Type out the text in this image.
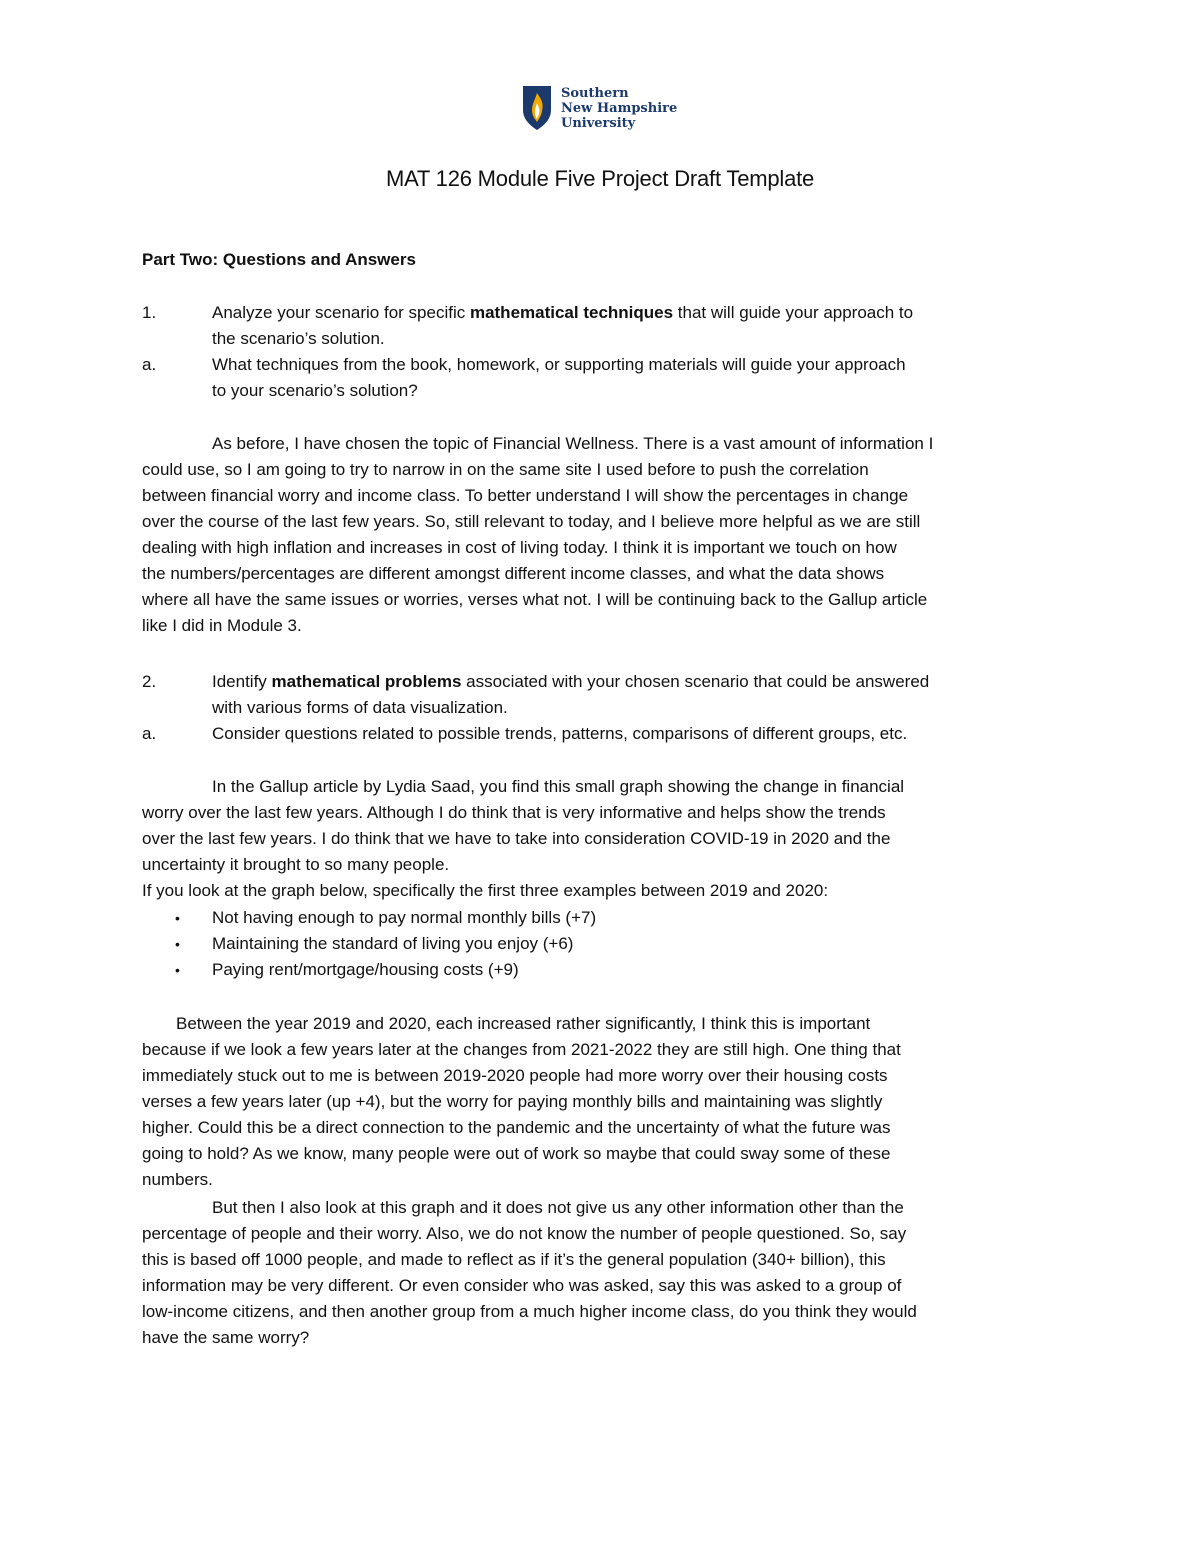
Southern
New Hampshire
University
MAT 126 Module Five Project Draft Template
Part Two: Questions and Answers
1.	Analyze your scenario for specific mathematical techniques that will guide your approach to
the scenario’s solution.
a.	What techniques from the book, homework, or supporting materials will guide your approach
to your scenario’s solution?
As before, I have chosen the topic of Financial Wellness. There is a vast amount of information I
could use, so I am going to try to narrow in on the same site I used before to push the correlation
between financial worry and income class. To better understand I will show the percentages in change
over the course of the last few years. So, still relevant to today, and I believe more helpful as we are still
dealing with high inflation and increases in cost of living today. I think it is important we touch on how
the numbers/percentages are different amongst different income classes, and what the data shows
where all have the same issues or worries, verses what not. I will be continuing back to the Gallup article
like I did in Module 3.
2.	Identify mathematical problems associated with your chosen scenario that could be answered
with various forms of data visualization.
a.	Consider questions related to possible trends, patterns, comparisons of different groups, etc.
In the Gallup article by Lydia Saad, you find this small graph showing the change in financial
worry over the last few years. Although I do think that is very informative and helps show the trends
over the last few years. I do think that we have to take into consideration COVID-19 in 2020 and the
uncertainty it brought to so many people.
If you look at the graph below, specifically the first three examples between 2019 and 2020:
• Not having enough to pay normal monthly bills (+7)
• Maintaining the standard of living you enjoy (+6)
• Paying rent/mortgage/housing costs (+9)
Between the year 2019 and 2020, each increased rather significantly, I think this is important
because if we look a few years later at the changes from 2021-2022 they are still high. One thing that
immediately stuck out to me is between 2019-2020 people had more worry over their housing costs
verses a few years later (up +4), but the worry for paying monthly bills and maintaining was slightly
higher. Could this be a direct connection to the pandemic and the uncertainty of what the future was
going to hold? As we know, many people were out of work so maybe that could sway some of these
numbers.
But then I also look at this graph and it does not give us any other information other than the
percentage of people and their worry. Also, we do not know the number of people questioned. So, say
this is based off 1000 people, and made to reflect as if it’s the general population (340+ billion), this
information may be very different. Or even consider who was asked, say this was asked to a group of
low-income citizens, and then another group from a much higher income class, do you think they would
have the same worry?
